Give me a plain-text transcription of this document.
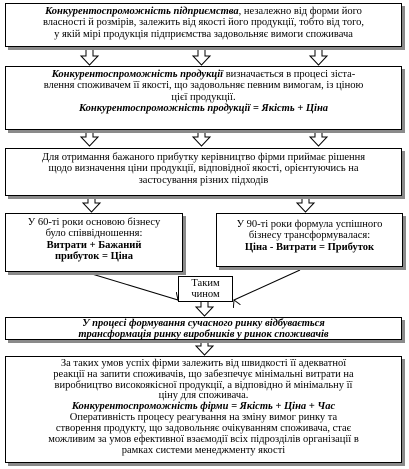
Конкурентоспроможність підприємства, незалежно від форми його
власності й розмірів, залежить від якості його продукції, тобто від того,
у якій мірі продукція підприємства задовольняє вимоги споживача
Конкурентоспроможність продукції визначається в процесі зіста-
влення споживачем її якості, що задовольняє певним вимогам, із ціною
цієї продукції.
Конкурентоспроможність продукції = Якість + Ціна
Для отримання бажаного прибутку керівництво фірми приймає рішення
щодо визначення ціни продукції, відповідної якості, орієнтуючись на
застосування різних підходів
У 60-ті роки основою бізнесу
було співвідношення:
Витрати + Бажаний
прибуток = Ціна
У 90-ті роки формула успішного
бізнесу трансформувалася:
Ціна - Витрати = Прибуток
Таким
чином
У процесі формування сучасного ринку відбувається
трансформація ринку виробників у ринок споживачів
За таких умов успіх фірми залежить від швидкості її адекватної
реакції на запити споживачів, що забезпечує мінімальні витрати на
виробництво високоякісної продукції, а відповідно й мінімальну її
ціну для споживача.
Конкурентоспроможність фірми = Якість + Ціна + Час
Оперативність процесу реагування на зміну вимог ринку та
створення продукту, що задовольняє очікуванням споживача, стає
можливим за умов ефективної взаємодії всіх підрозділів організації в
рамках системи менеджменту якості
